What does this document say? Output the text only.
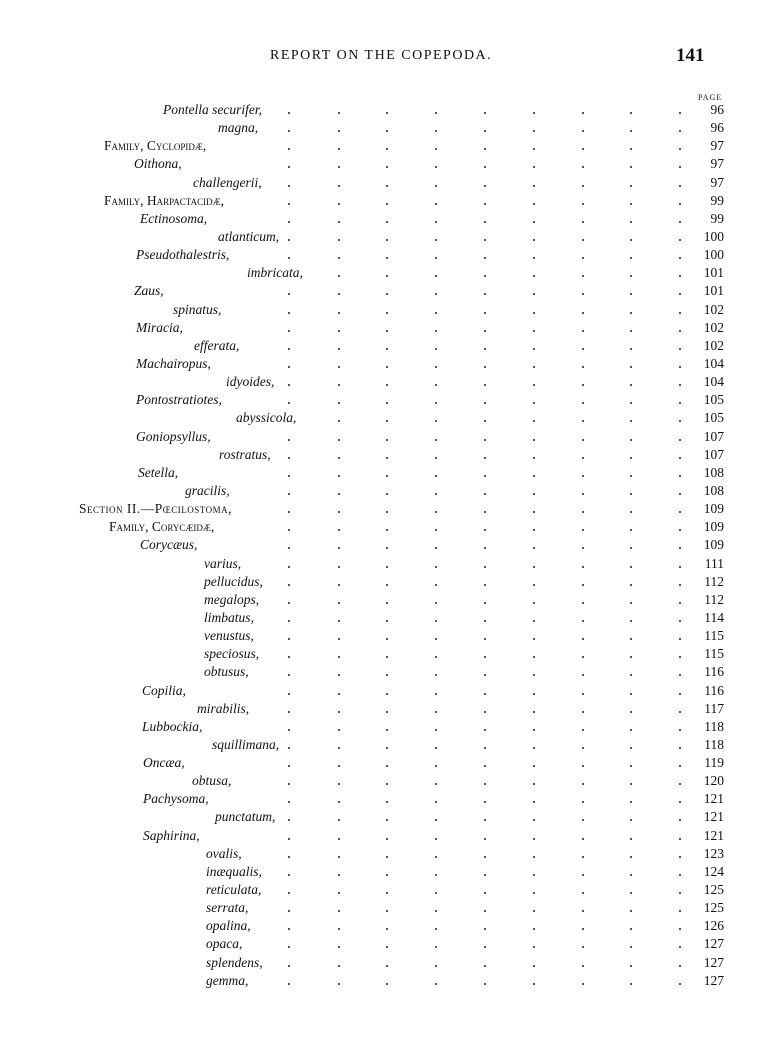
REPORT ON THE COPEPODA.	141
PAGE
Pontella securifer,	96
magna,	96
Family, Cyclopidæ,	97
Oithona,	97
challengerii,	97
Family, Harpactacidæ,	99
Ectinosoma,	99
atlanticum,	100
Pseudothalestris,	100
imbricata,	101
Zaus,	101
spinatus,	102
Miracia,	102
efferata,	102
Machairopus,	104
idyoides,	104
Pontostratiotes,	105
abyssicola,	105
Goniopsyllus,	107
rostratus,	107
Setella,	108
gracilis,	108
Section II.—Pœcilostoma,	109
Family, Corycæidæ,	109
Corycæus,	109
varius,	111
pellucidus,	112
megalops,	112
limbatus,	114
venustus,	115
speciosus,	115
obtusus,	116
Copilia,	116
mirabilis,	117
Lubbockia,	118
squillimana,	118
Oncæa,	119
obtusa,	120
Pachysoma,	121
punctatum,	121
Saphirina,	121
ovalis,	123
inæqualis,	124
reticulata,	125
serrata,	125
opalina,	126
opaca,	127
splendens,	127
gemma,	127
